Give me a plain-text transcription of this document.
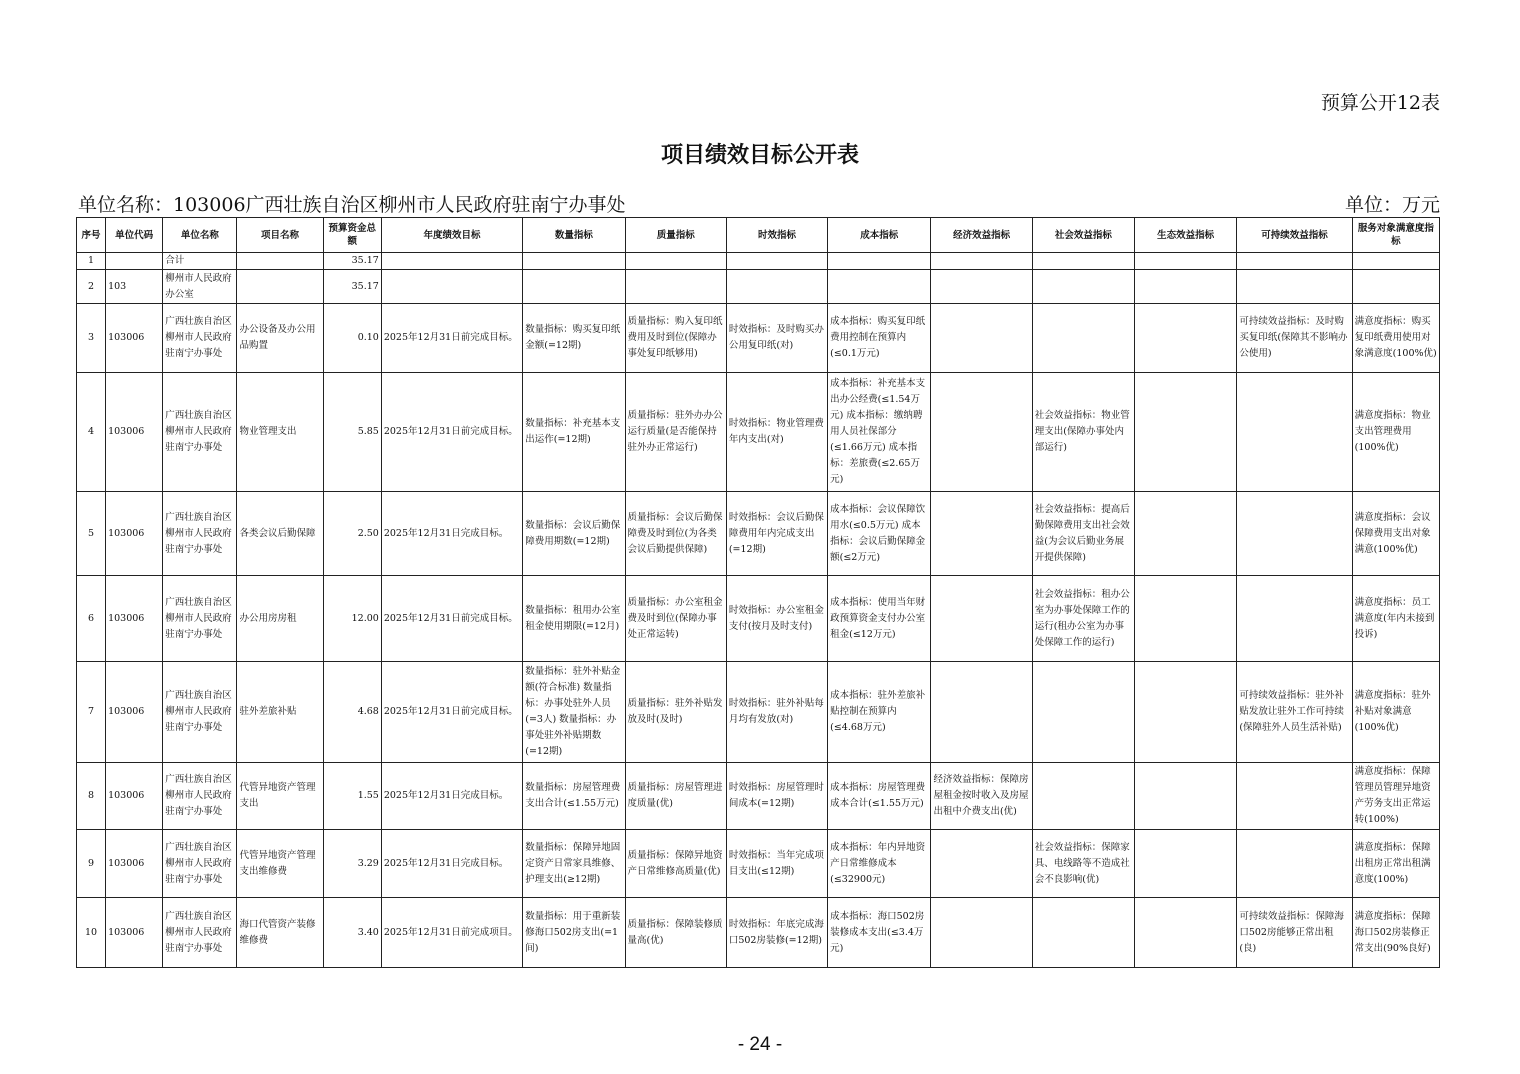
预算公开12表
项目绩效目标公开表
单位名称：103006广西壮族自治区柳州市人民政府驻南宁办事处	单位：万元
序号	单位代码	单位名称	项目名称	预算资金总额	年度绩效目标	数量指标	质量指标	时效指标	成本指标	经济效益指标	社会效益指标	生态效益指标	可持续效益指标	服务对象满意度指标
1		合计		35.17										
2	103	柳州市人民政府办公室		35.17										
3	103006	广西壮族自治区柳州市人民政府驻南宁办事处	办公设备及办公用品购置	0.10	2025年12月31日前完成目标。	数量指标：购买复印纸金额(=12期)	质量指标：购入复印纸费用及时到位(保障办事处复印纸够用)	时效指标：及时购买办公用复印纸(对)	成本指标：购买复印纸费用控制在预算内(≤0.1万元)				可持续效益指标：及时购买复印纸(保障其不影响办公使用)	满意度指标：购买复印纸费用使用对象满意度(100%优)
4	103006	广西壮族自治区柳州市人民政府驻南宁办事处	物业管理支出	5.85	2025年12月31日前完成目标。	数量指标：补充基本支出运作(=12期)	质量指标：驻外办办公运行质量(是否能保持驻外办正常运行)	时效指标：物业管理费年内支出(对)	成本指标：补充基本支出办公经费(≤1.54万元) 成本指标：缴纳聘用人员社保部分(≤1.66万元) 成本指标：差旅费(≤2.65万元)		社会效益指标：物业管理支出(保障办事处内部运行)			满意度指标：物业支出管理费用(100%优)
5	103006	广西壮族自治区柳州市人民政府驻南宁办事处	各类会议后勤保障	2.50	2025年12月31日完成目标。	数量指标：会议后勤保障费用期数(=12期)	质量指标：会议后勤保障费及时到位(为各类会议后勤提供保障)	时效指标：会议后勤保障费用年内完成支出(=12期)	成本指标：会议保障饮用水(≤0.5万元) 成本指标：会议后勤保障金额(≤2万元)		社会效益指标：提高后勤保障费用支出社会效益(为会议后勤业务展开提供保障)			满意度指标：会议保障费用支出对象满意(100%优)
6	103006	广西壮族自治区柳州市人民政府驻南宁办事处	办公用房房租	12.00	2025年12月31日前完成目标。	数量指标：租用办公室租金使用期限(=12月)	质量指标：办公室租金费及时到位(保障办事处正常运转)	时效指标：办公室租金支付(按月及时支付)	成本指标：使用当年财政预算资金支付办公室租金(≤12万元)		社会效益指标：租办公室为办事处保障工作的运行(租办公室为办事处保障工作的运行)			满意度指标：员工满意度(年内未接到投诉)
7	103006	广西壮族自治区柳州市人民政府驻南宁办事处	驻外差旅补贴	4.68	2025年12月31日前完成目标。	数量指标：驻外补贴金额(符合标准) 数量指标：办事处驻外人员(=3人) 数量指标：办事处驻外补贴期数(=12期)	质量指标：驻外补贴发放及时(及时)	时效指标：驻外补贴每月均有发放(对)	成本指标：驻外差旅补贴控制在预算内(≤4.68万元)				可持续效益指标：驻外补贴发放让驻外工作可持续(保障驻外人员生活补贴)	满意度指标：驻外补贴对象满意(100%优)
8	103006	广西壮族自治区柳州市人民政府驻南宁办事处	代管异地资产管理支出	1.55	2025年12月31日完成目标。	数量指标：房屋管理费支出合计(≤1.55万元)	质量指标：房屋管理进度质量(优)	时效指标：房屋管理时间成本(=12期)	成本指标：房屋管理费成本合计(≤1.55万元)	经济效益指标：保障房屋租金按时收入及房屋出租中介费支出(优)				满意度指标：保障管理员管理异地资产劳务支出正常运转(100%)
9	103006	广西壮族自治区柳州市人民政府驻南宁办事处	代管异地资产管理支出维修费	3.29	2025年12月31日完成目标。	数量指标：保障异地固定资产日常家具维修、护理支出(≥12期)	质量指标：保障异地资产日常维修高质量(优)	时效指标：当年完成项目支出(≤12期)	成本指标：年内异地资产日常维修成本(≤32900元)		社会效益指标：保障家具、电线路等不造成社会不良影响(优)			满意度指标：保障出租房正常出租满意度(100%)
10	103006	广西壮族自治区柳州市人民政府驻南宁办事处	海口代管资产装修维修费	3.40	2025年12月31日前完成项目。	数量指标：用于重新装修海口502房支出(=1间)	质量指标：保障装修质量高(优)	时效指标：年底完成海口502房装修(=12期)	成本指标：海口502房装修成本支出(≤3.4万元)				可持续效益指标：保障海口502房能够正常出租(良)	满意度指标：保障海口502房装修正常支出(90%良好)
- 24 -
